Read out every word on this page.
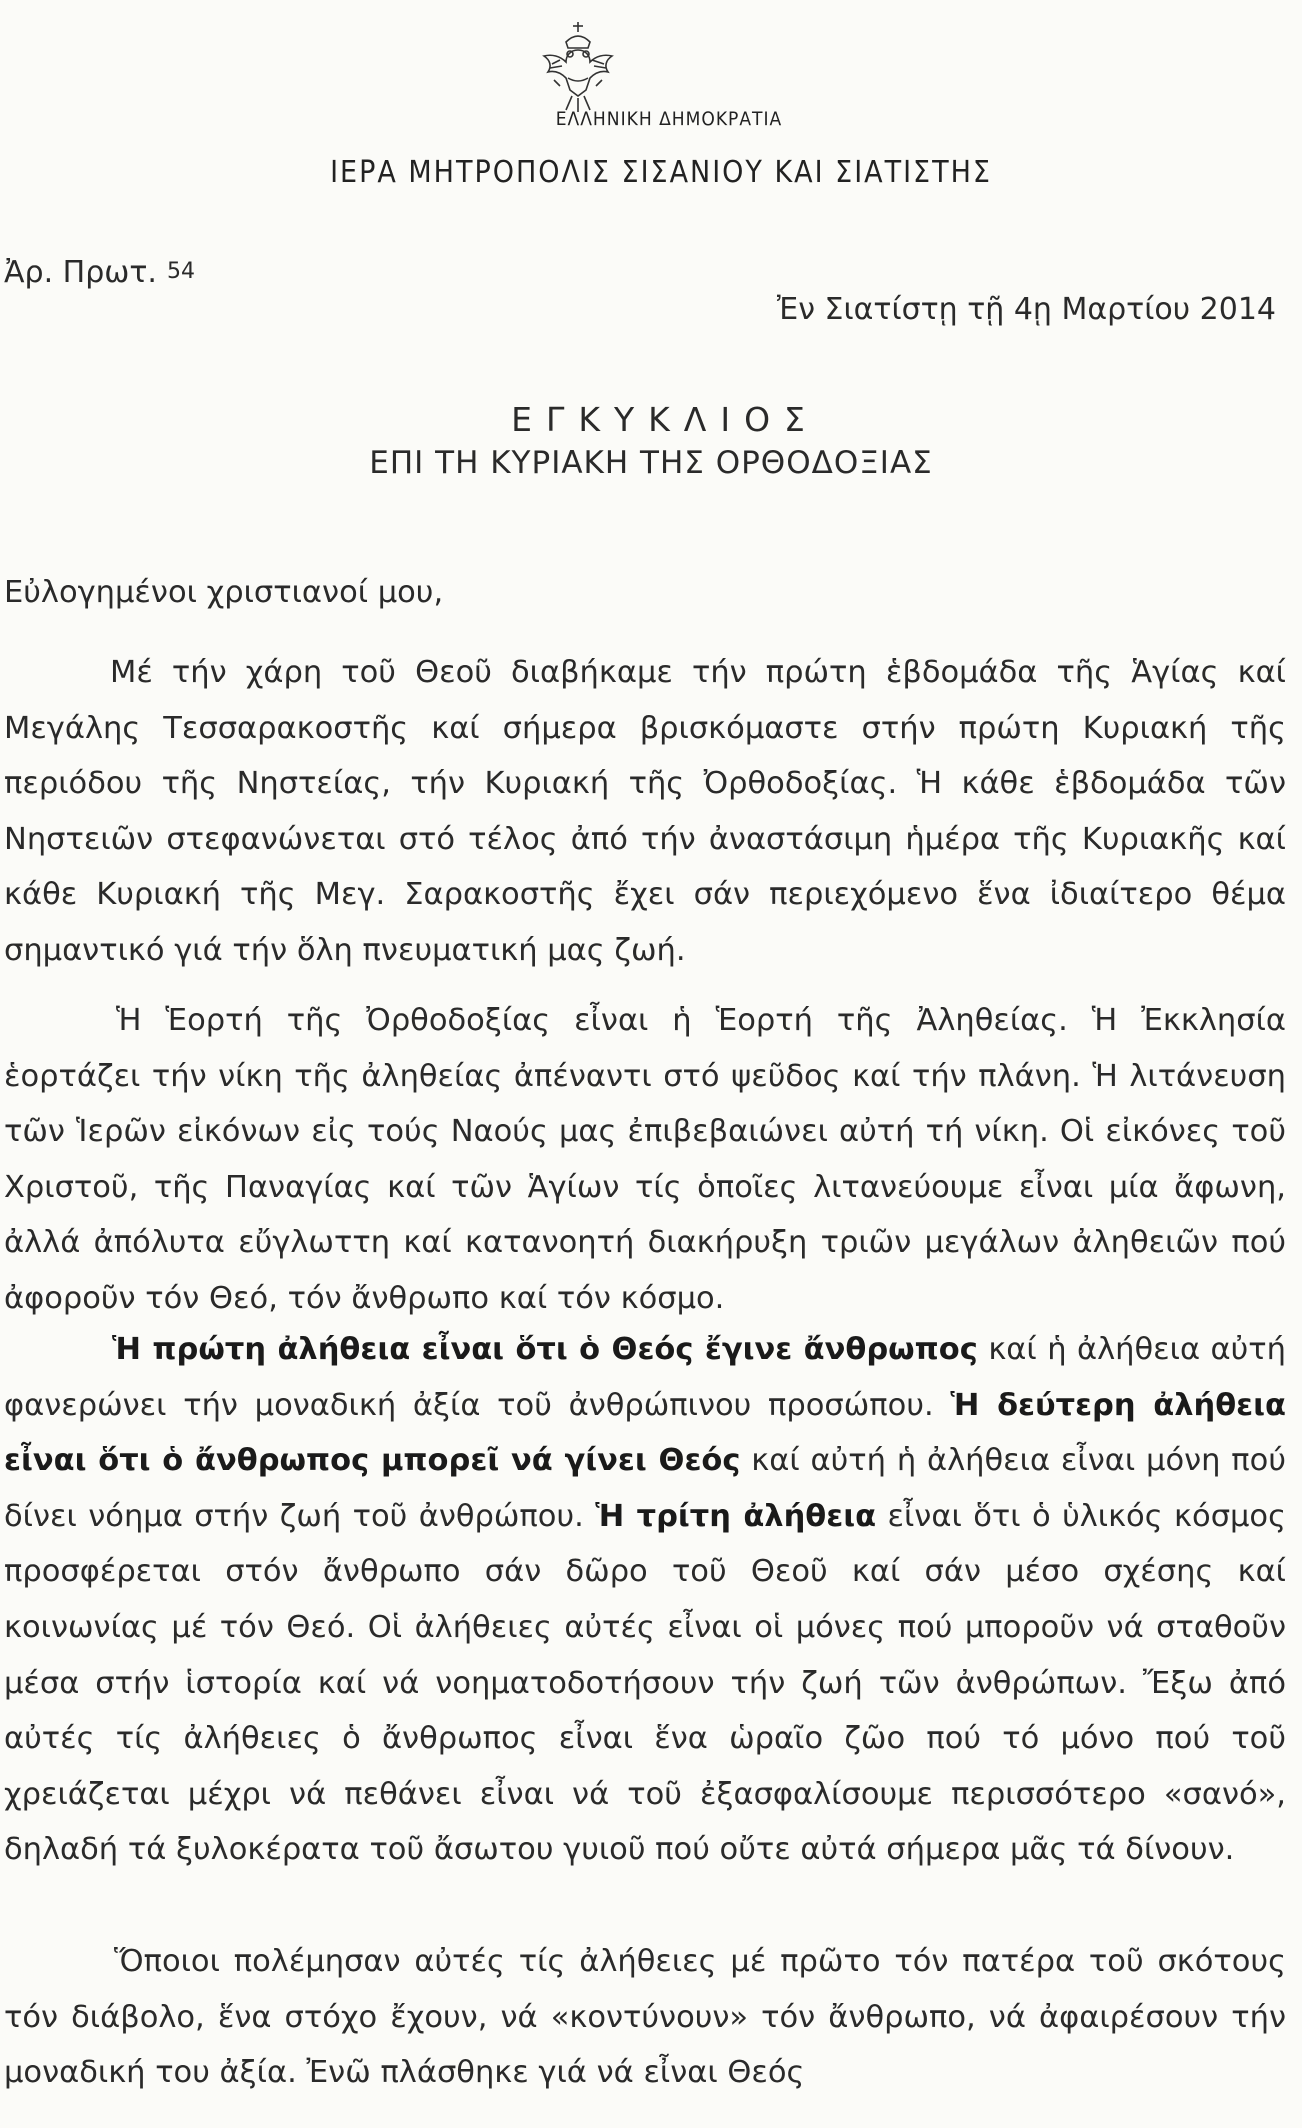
ΕΛΛΗΝΙΚΗ ΔΗΜΟΚΡΑΤΙΑ
ΙΕΡΑ ΜΗΤΡΟΠΟΛΙΣ ΣΙΣΑΝΙΟΥ ΚΑΙ ΣΙΑΤΙΣΤΗΣ
Ἀρ. Πρωτ. 54
Ἐν Σιατίστῃ τῇ 4ῃ Μαρτίου 2014
ΕΓΚΥΚΛΙΟΣ
ΕΠΙ ΤΗ ΚΥΡΙΑΚΗ ΤΗΣ ΟΡΘΟΔΟΞΙΑΣ
Εὐλογημένοι χριστιανοί μου,
Μέ τήν χάρη τοῦ Θεοῦ διαβήκαμε τήν πρώτη ἑβδομάδα τῆς Ἁγίας καί Μεγάλης Τεσσαρακοστῆς καί σήμερα βρισκόμαστε στήν πρώτη Κυριακή τῆς περιόδου τῆς Νηστείας, τήν Κυριακή τῆς Ὀρθοδοξίας. Ἡ κάθε ἑβδομάδα τῶν Νηστειῶν στεφανώνεται στό τέλος ἀπό τήν ἀναστάσιμη ἡμέρα τῆς Κυριακῆς καί κάθε Κυριακή τῆς Μεγ. Σαρακοστῆς ἔχει σάν περιεχόμενο ἕνα ἰδιαίτερο θέμα σημαντικό γιά τήν ὅλη πνευματική μας ζωή.
Ἡ Ἑορτή τῆς Ὀρθοδοξίας εἶναι ἡ Ἑορτή τῆς Ἀληθείας. Ἡ Ἐκκλησία ἑορτάζει τήν νίκη τῆς ἀληθείας ἀπέναντι στό ψεῦδος καί τήν πλάνη. Ἡ λιτάνευση τῶν Ἱερῶν εἰκόνων εἰς τούς Ναούς μας ἐπιβεβαιώνει αὐτή τή νίκη. Οἱ εἰκόνες τοῦ Χριστοῦ, τῆς Παναγίας καί τῶν Ἁγίων τίς ὁποῖες λιτανεύουμε εἶναι μία ἄφωνη, ἀλλά ἀπόλυτα εὔγλωττη καί κατανοητή διακήρυξη τριῶν μεγάλων ἀληθειῶν πού ἀφοροῦν τόν Θεό, τόν ἄνθρωπο καί τόν κόσμο.
Ἡ πρώτη ἀλήθεια εἶναι ὅτι ὁ Θεός ἔγινε ἄνθρωπος καί ἡ ἀλήθεια αὐτή φανερώνει τήν μοναδική ἀξία τοῦ ἀνθρώπινου προσώπου. Ἡ δεύτερη ἀλήθεια εἶναι ὅτι ὁ ἄνθρωπος μπορεῖ νά γίνει Θεός καί αὐτή ἡ ἀλήθεια εἶναι μόνη πού δίνει νόημα στήν ζωή τοῦ ἀνθρώπου. Ἡ τρίτη ἀλήθεια εἶναι ὅτι ὁ ὑλικός κόσμος προσφέρεται στόν ἄνθρωπο σάν δῶρο τοῦ Θεοῦ καί σάν μέσο σχέσης καί κοινωνίας μέ τόν Θεό. Οἱ ἀλήθειες αὐτές εἶναι οἱ μόνες πού μποροῦν νά σταθοῦν μέσα στήν ἱστορία καί νά νοηματοδοτήσουν τήν ζωή τῶν ἀνθρώπων. Ἔξω ἀπό αὐτές τίς ἀλήθειες ὁ ἄνθρωπος εἶναι ἕνα ὡραῖο ζῶο πού τό μόνο πού τοῦ χρειάζεται μέχρι νά πεθάνει εἶναι νά τοῦ ἐξασφαλίσουμε περισσότερο «σανό», δηλαδή τά ξυλοκέρατα τοῦ ἄσωτου γυιοῦ πού οὔτε αὐτά σήμερα μᾶς τά δίνουν.
Ὅποιοι πολέμησαν αὐτές τίς ἀλήθειες μέ πρῶτο τόν πατέρα τοῦ σκότους τόν διάβολο, ἕνα στόχο ἔχουν, νά «κοντύνουν» τόν ἄνθρωπο, νά ἀφαιρέσουν τήν μοναδική του ἀξία. Ἐνῶ πλάσθηκε γιά νά εἶναι Θεός
